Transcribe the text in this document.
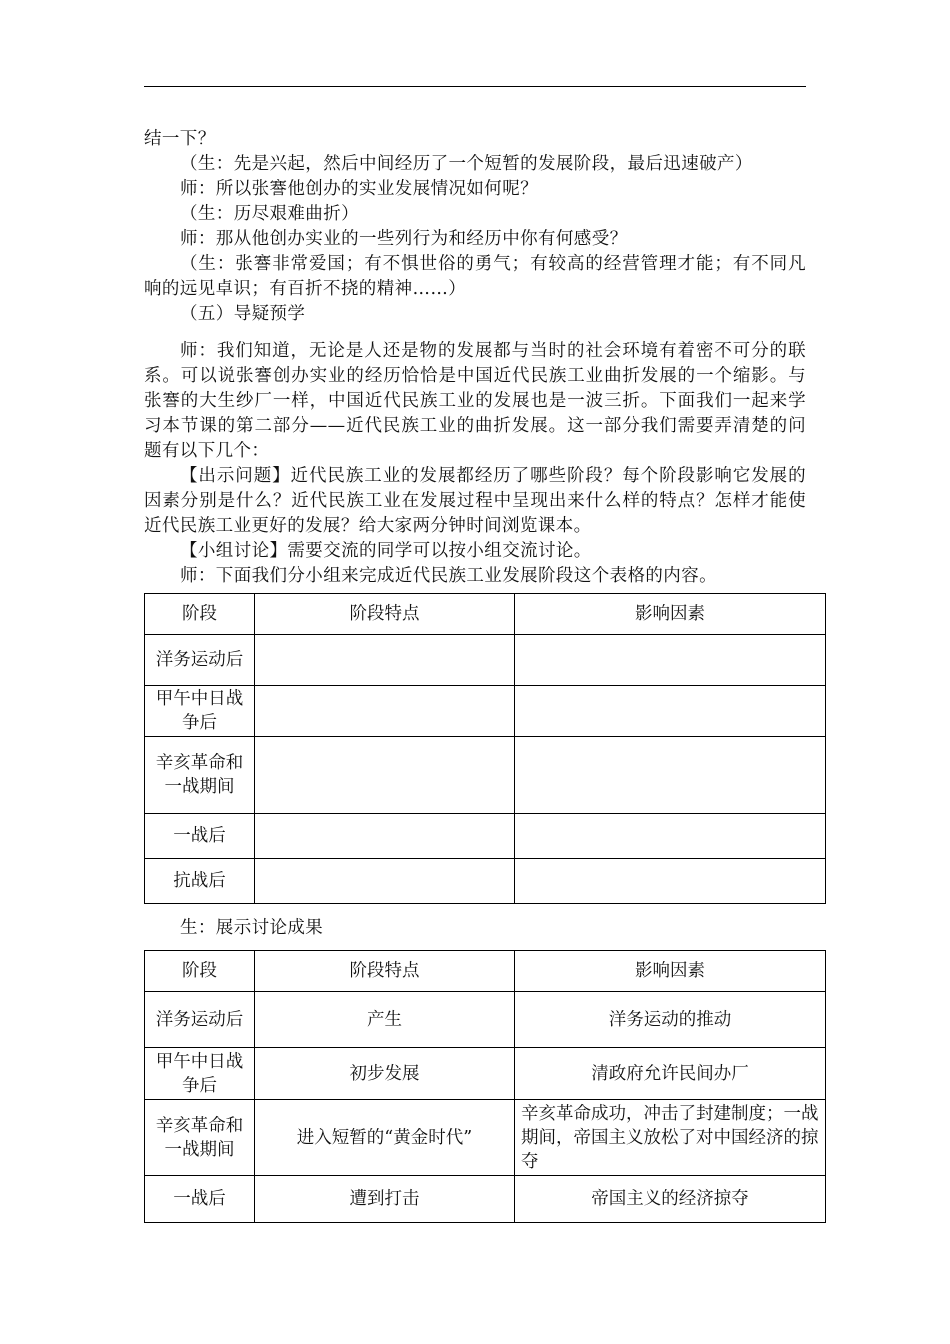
结一下？

（生：先是兴起，然后中间经历了一个短暂的发展阶段，最后迅速破产）

师：所以张謇他创办的实业发展情况如何呢？

（生：历尽艰难曲折）

师：那从他创办实业的一些列行为和经历中你有何感受？

（生：张謇非常爱国；有不惧世俗的勇气；有较高的经营管理才能；有不同凡响的远见卓识；有百折不挠的精神……）

（五）导疑预学

师：我们知道，无论是人还是物的发展都与当时的社会环境有着密不可分的联系。可以说张謇创办实业的经历恰恰是中国近代民族工业曲折发展的一个缩影。与张謇的大生纱厂一样，中国近代民族工业的发展也是一波三折。下面我们一起来学习本节课的第二部分——近代民族工业的曲折发展。这一部分我们需要弄清楚的问题有以下几个：

【出示问题】近代民族工业的发展都经历了哪些阶段？每个阶段影响它发展的因素分别是什么？近代民族工业在发展过程中呈现出来什么样的特点？怎样才能使近代民族工业更好的发展？给大家两分钟时间浏览课本。

【小组讨论】需要交流的同学可以按小组交流讨论。

师：下面我们分小组来完成近代民族工业发展阶段这个表格的内容。

阶段	阶段特点	影响因素
洋务运动后		
甲午中日战争后		
辛亥革命和一战期间		
一战后		
抗战后		

生：展示讨论成果

阶段	阶段特点	影响因素
洋务运动后	产生	洋务运动的推动
甲午中日战争后	初步发展	清政府允许民间办厂
辛亥革命和一战期间	进入短暂的“黄金时代”	辛亥革命成功，冲击了封建制度；一战期间，帝国主义放松了对中国经济的掠夺
一战后	遭到打击	帝国主义的经济掠夺
